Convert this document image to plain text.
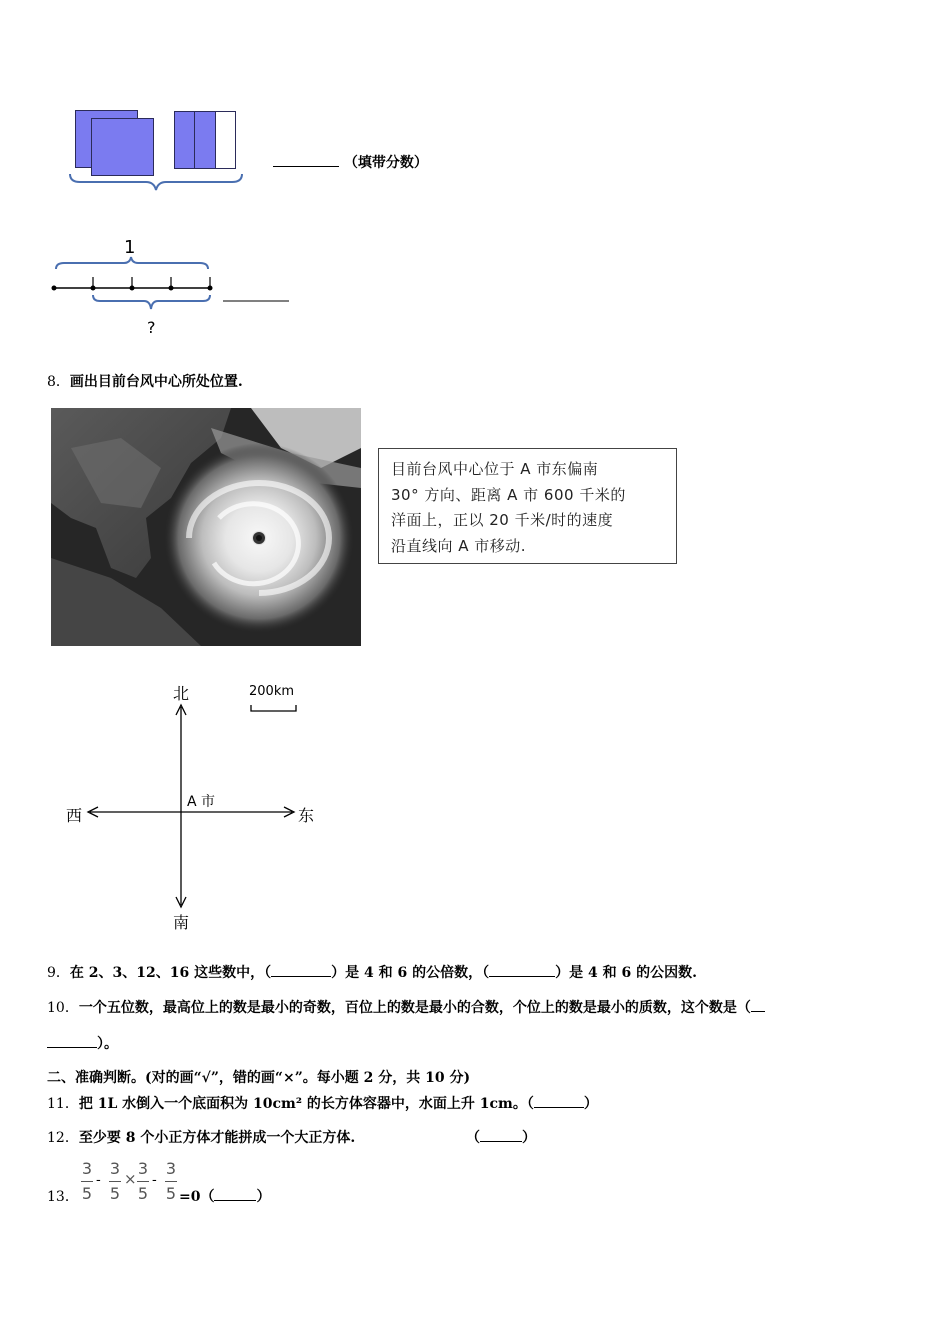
（填带分数）
1
?
8．画出目前台风中心所处位置.
目前台风中心位于 A 市东偏南
30° 方向、距离 A 市 600 千米的
洋面上，正以 20 千米/时的速度
沿直线向 A 市移动.
北
南
东
西
A 市
200km
9．在 2、3、12、16 这些数中，（	）是 4 和 6 的公倍数，（	）是 4 和 6 的公因数.
10．一个五位数，最高位上的数是最小的奇数，百位上的数是最小的合数，个位上的数是最小的质数，这个数是（
）。
二、准确判断。(对的画“√”，错的画“×”。每小题 2 分，共 10 分)
11．把 1L 水倒入一个底面积为 10cm² 的长方体容器中，水面上升 1cm。（	）
12．至少要 8 个小正方体才能拼成一个大正方体.	（	）
13．
3
5
-
3
5
×
3
5
-
3
5 =0（	）
